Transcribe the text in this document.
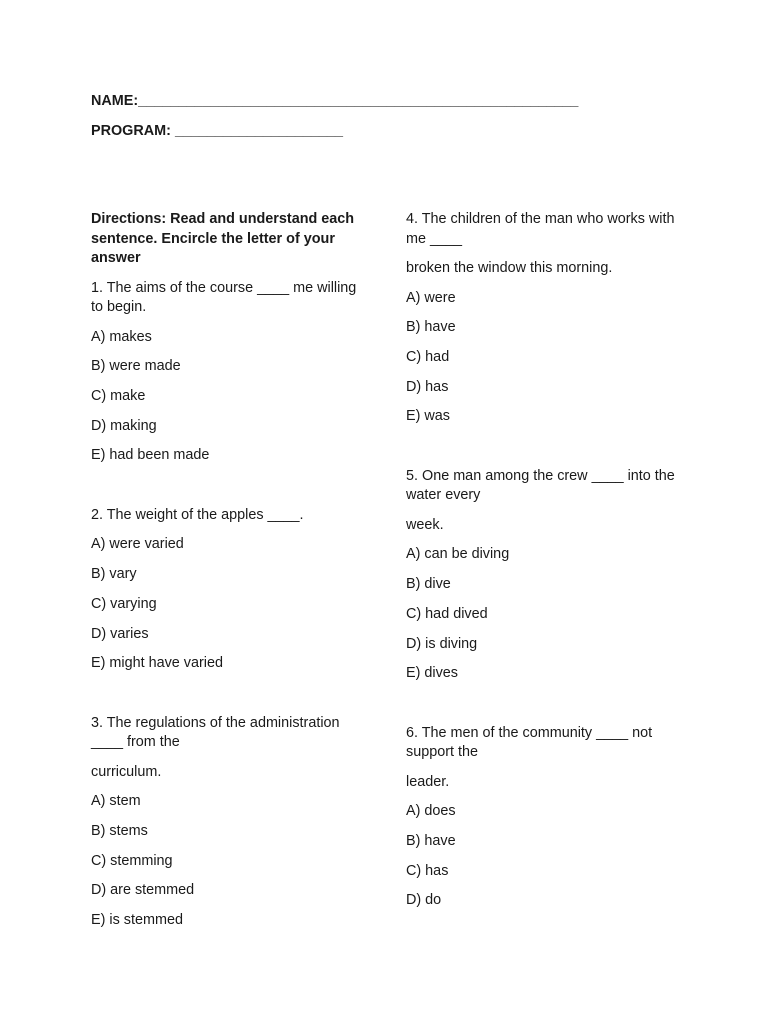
NAME:_______________________________________________________
PROGRAM: _____________________

Directions: Read and understand each sentence. Encircle the letter of your answer

1. The aims of the course ____ me willing to begin.

A) makes
B) were made
C) make
D) making
E) had been made

2. The weight of the apples ____.

A) were varied
B) vary
C) varying
D) varies
E) might have varied

3. The regulations of the administration ____ from the

curriculum.

A) stem
B) stems
C) stemming
D) are stemmed
E) is stemmed

4. The children of the man who works with me ____

broken the window this morning.

A) were
B) have
C) had
D) has
E) was

5. One man among the crew ____ into the water every

week.

A) can be diving
B) dive
C) had dived
D) is diving
E) dives

6. The men of the community ____ not support the

leader.

A) does
B) have
C) has
D) do
